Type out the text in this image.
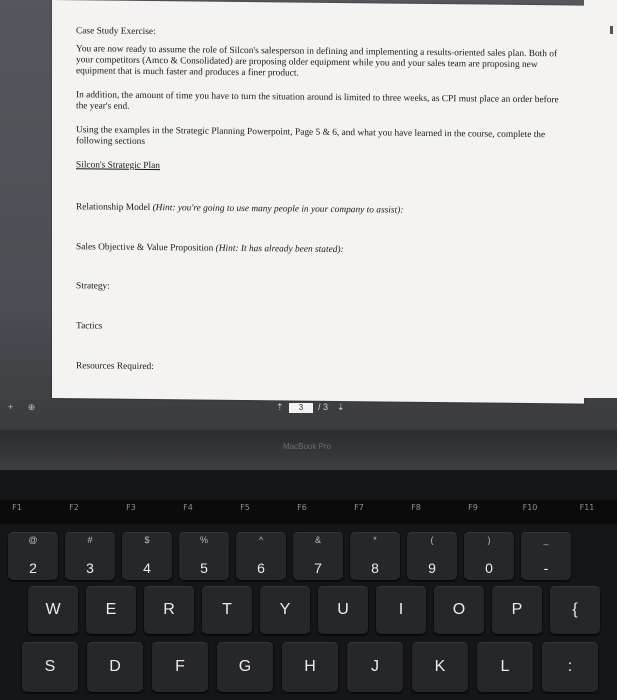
Case Study Exercise:
You are now ready to assume the role of Silcon's salesperson in defining and implementing a results-oriented sales plan. Both of your competitors (Amco & Consolidated) are proposing older equipment while you and your sales team are proposing new equipment that is much faster and produces a finer product.
In addition, the amount of time you have to turn the situation around is limited to three weeks, as CPI must place an order before the year's end.
Using the examples in the Strategic Planning Powerpoint, Page 5 & 6, and what you have learned in the course, complete the following sections
Silcon's Strategic Plan
Relationship Model (Hint: you're going to use many people in your company to assist):
Sales Objective & Value Proposition (Hint: It has already been stated):
Strategy:
Tactics
Resources Required:
+ ⊕	⇡	3	/ 3 ⇣
MacBook Pro
F1	F2	F3	F4	F5	F6	F7	F8	F9	F10	F11
@
2
#
3
$
4
%
5
^
6
&
7
*
8
(
9
)
0
_
-
W	E	R	T	Y	U	I	O	P	{
S	D	F	G	H	J	K	L	:
